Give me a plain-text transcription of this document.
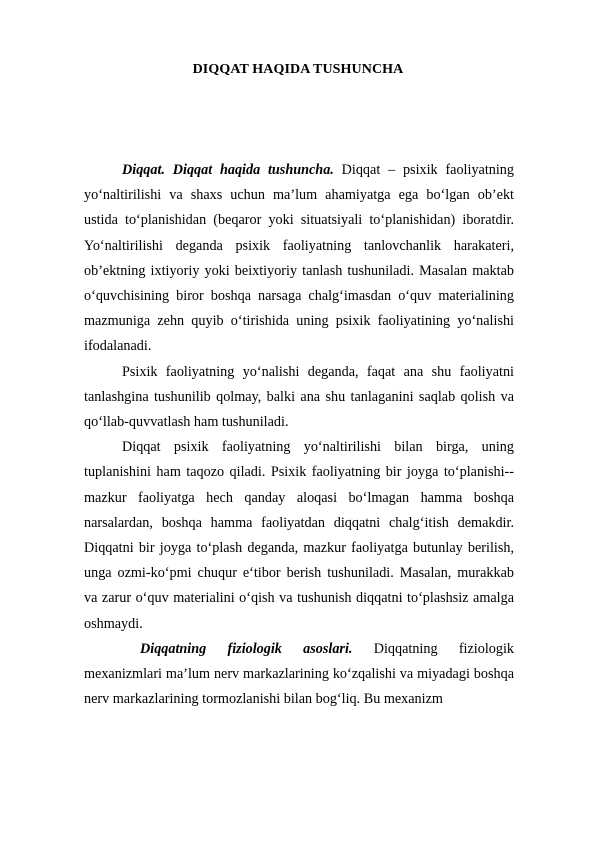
DIQQAT HAQIDA TUSHUNCHA

Diqqat. Diqqat haqida tushuncha. Diqqat – psixik faoliyatning yo‘naltirilishi va shaxs uchun ma’lum ahamiyatga ega bo‘lgan ob’ekt ustida to‘planishidan (beqaror yoki situatsiyali to‘planishidan) iboratdir. Yo‘naltirilishi deganda psixik faoliyatning tanlovchanlik harakateri, ob’ektning ixtiyoriy yoki beixtiyoriy tanlash tushuniladi. Masalan maktab o‘quvchisining biror boshqa narsaga chalg‘imasdan o‘quv materialining mazmuniga zehn quyib o‘tirishida uning psixik faoliyatining yo‘nalishi ifodalanadi.

Psixik faoliyatning yo‘nalishi deganda, faqat ana shu faoliyatni tanlashgina tushunilib qolmay, balki ana shu tanlaganini saqlab qolish va qo‘llab-quvvatlash ham tushuniladi.

Diqqat psixik faoliyatning yo‘naltirilishi bilan birga, uning tuplanishini ham taqozo qiladi. Psixik faoliyatning bir joyga to‘planishi--mazkur faoliyatga hech qanday aloqasi bo‘lmagan hamma boshqa narsalardan, boshqa hamma faoliyatdan diqqatni chalg‘itish demakdir. Diqqatni bir joyga to‘plash deganda, mazkur faoliyatga butunlay berilish, unga ozmi-ko‘pmi chuqur e‘tibor berish tushuniladi. Masalan, murakkab va zarur o‘quv materialini o‘qish va tushunish diqqatni to‘plashsiz amalga oshmaydi.

Diqqatning fiziologik asoslari. Diqqatning fiziologik mexanizmlari ma’lum nerv markazlarining ko‘zqalishi va miyadagi boshqa nerv markazlarining tormozlanishi bilan bog‘liq. Bu mexanizm
